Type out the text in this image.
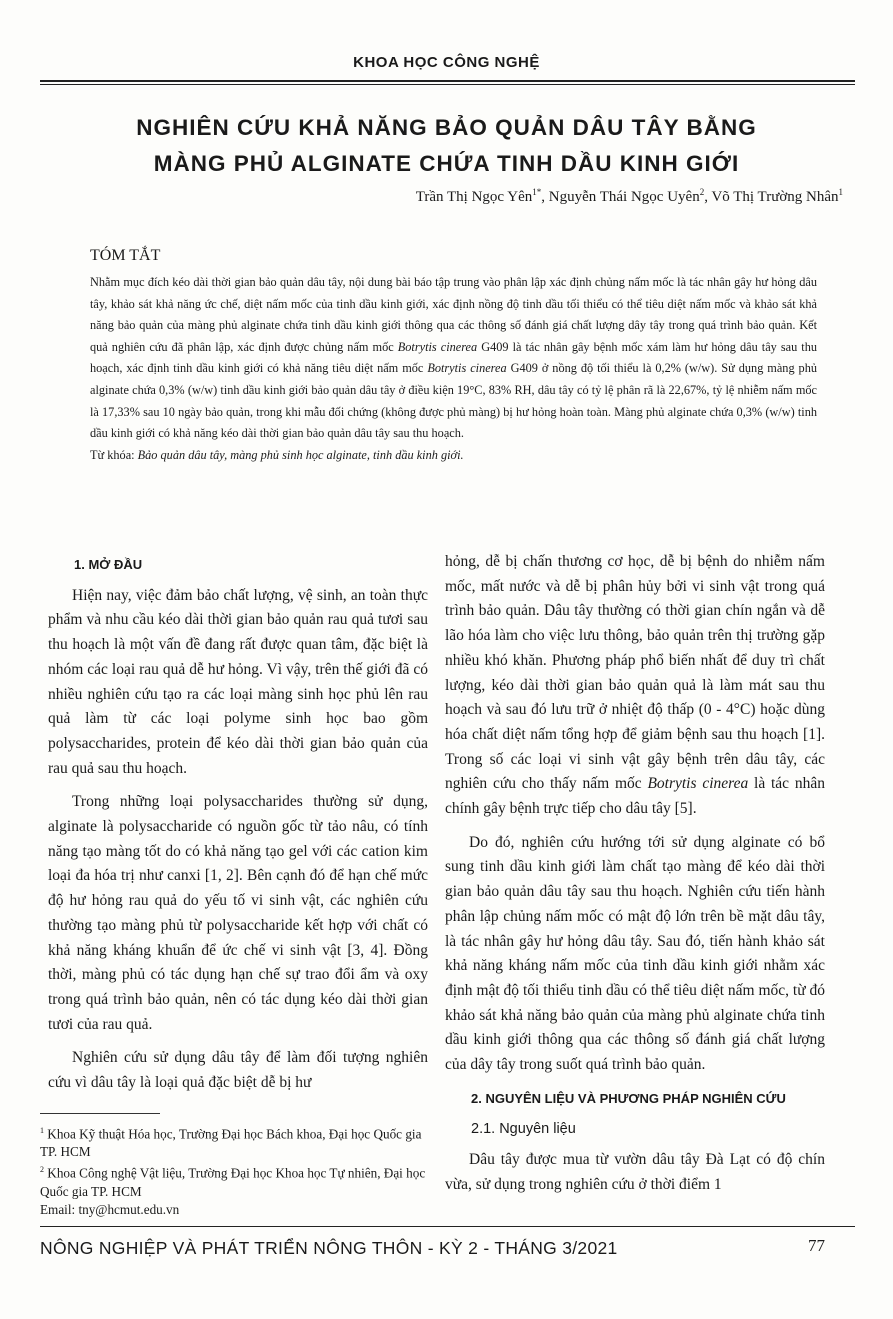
KHOA HỌC CÔNG NGHỆ
NGHIÊN CỨU KHẢ NĂNG BẢO QUẢN DÂU TÂY BẰNG
MÀNG PHỦ ALGINATE CHỨA TINH DẦU KINH GIỚI
Trần Thị Ngọc Yên$^{1*}$, Nguyễn Thái Ngọc Uyên$^2$, Võ Thị Trường Nhân$^1$
TÓM TẮT

Nhằm mục đích kéo dài thời gian bảo quản dâu tây, nội dung bài báo tập trung vào phân lập xác định chủng nấm mốc là tác nhân gây hư hỏng dâu tây, khảo sát khả năng ức chế, diệt nấm mốc của tinh dầu kinh giới, xác định nồng độ tinh dầu tối thiểu có thể tiêu diệt nấm mốc và khảo sát khả năng bảo quản của màng phủ alginate chứa tinh dầu kinh giới thông qua các thông số đánh giá chất lượng dây tây trong quá trình bảo quản. Kết quả nghiên cứu đã phân lập, xác định được chủng nấm mốc Botrytis cinerea G409 là tác nhân gây bệnh mốc xám làm hư hỏng dâu tây sau thu hoạch, xác định tinh dầu kinh giới có khả năng tiêu diệt nấm mốc Botrytis cinerea G409 ở nồng độ tối thiểu là 0,2% (w/w). Sử dụng màng phủ alginate chứa 0,3% (w/w) tinh dầu kinh giới bảo quản dâu tây ở điều kiện 19°C, 83% RH, dâu tây có tỷ lệ phân rã là 22,67%, tỷ lệ nhiễm nấm mốc là 17,33% sau 10 ngày bảo quản, trong khi mẫu đối chứng (không được phủ màng) bị hư hỏng hoàn toàn. Màng phủ alginate chứa 0,3% (w/w) tinh dầu kinh giới có khả năng kéo dài thời gian bảo quản dâu tây sau thu hoạch.

Từ khóa: Bảo quản dâu tây, màng phủ sinh học alginate, tinh dầu kinh giới.

1. MỞ ĐẦU

Hiện nay, việc đảm bảo chất lượng, vệ sinh, an toàn thực phẩm và nhu cầu kéo dài thời gian bảo quản rau quả tươi sau thu hoạch là một vấn đề đang rất được quan tâm, đặc biệt là nhóm các loại rau quả dễ hư hỏng. Vì vậy, trên thế giới đã có nhiều nghiên cứu tạo ra các loại màng sinh học phủ lên rau quả làm từ các loại polyme sinh học bao gồm polysaccharides, protein để kéo dài thời gian bảo quản của rau quả sau thu hoạch.

Trong những loại polysaccharides thường sử dụng, alginate là polysaccharide có nguồn gốc từ tảo nâu, có tính năng tạo màng tốt do có khả năng tạo gel với các cation kim loại đa hóa trị như canxi [1, 2]. Bên cạnh đó để hạn chế mức độ hư hỏng rau quả do yếu tố vi sinh vật, các nghiên cứu thường tạo màng phủ từ polysaccharide kết hợp với chất có khả năng kháng khuẩn để ức chế vi sinh vật [3, 4]. Đồng thời, màng phủ có tác dụng hạn chế sự trao đổi ẩm và oxy trong quá trình bảo quản, nên có tác dụng kéo dài thời gian tươi của rau quả.

Nghiên cứu sử dụng dâu tây để làm đối tượng nghiên cứu vì dâu tây là loại quả đặc biệt dễ bị hư

hỏng, dễ bị chấn thương cơ học, dễ bị bệnh do nhiễm nấm mốc, mất nước và dễ bị phân hủy bởi vi sinh vật trong quá trình bảo quản. Dâu tây thường có thời gian chín ngắn và dễ lão hóa làm cho việc lưu thông, bảo quản trên thị trường gặp nhiều khó khăn. Phương pháp phổ biến nhất để duy trì chất lượng, kéo dài thời gian bảo quản quả là làm mát sau thu hoạch và sau đó lưu trữ ở nhiệt độ thấp (0 - 4°C) hoặc dùng hóa chất diệt nấm tổng hợp để giảm bệnh sau thu hoạch [1]. Trong số các loại vi sinh vật gây bệnh trên dâu tây, các nghiên cứu cho thấy nấm mốc Botrytis cinerea là tác nhân chính gây bệnh trực tiếp cho dâu tây [5].

Do đó, nghiên cứu hướng tới sử dụng alginate có bổ sung tinh dầu kinh giới làm chất tạo màng để kéo dài thời gian bảo quản dâu tây sau thu hoạch. Nghiên cứu tiến hành phân lập chủng nấm mốc có mật độ lớn trên bề mặt dâu tây, là tác nhân gây hư hỏng dâu tây. Sau đó, tiến hành khảo sát khả năng kháng nấm mốc của tinh dầu kinh giới nhằm xác định mật độ tối thiểu tinh dầu có thể tiêu diệt nấm mốc, từ đó khảo sát khả năng bảo quản của màng phủ alginate chứa tinh dầu kinh giới thông qua các thông số đánh giá chất lượng của dây tây trong suốt quá trình bảo quản.

2. NGUYÊN LIỆU VÀ PHƯƠNG PHÁP NGHIÊN CỨU
2.1. Nguyên liệu

Dâu tây được mua từ vườn dâu tây Đà Lạt có độ chín vừa, sử dụng trong nghiên cứu ở thời điểm 1

$^1$ Khoa Kỹ thuật Hóa học, Trường Đại học Bách khoa, Đại học Quốc gia TP. HCM
$^2$ Khoa Công nghệ Vật liệu, Trường Đại học Khoa học Tự nhiên, Đại học Quốc gia TP. HCM
Email: tny@hcmut.edu.vn
NÔNG NGHIỆP VÀ PHÁT TRIỂN NÔNG THÔN - KỲ 2 - THÁNG 3/2021	77
